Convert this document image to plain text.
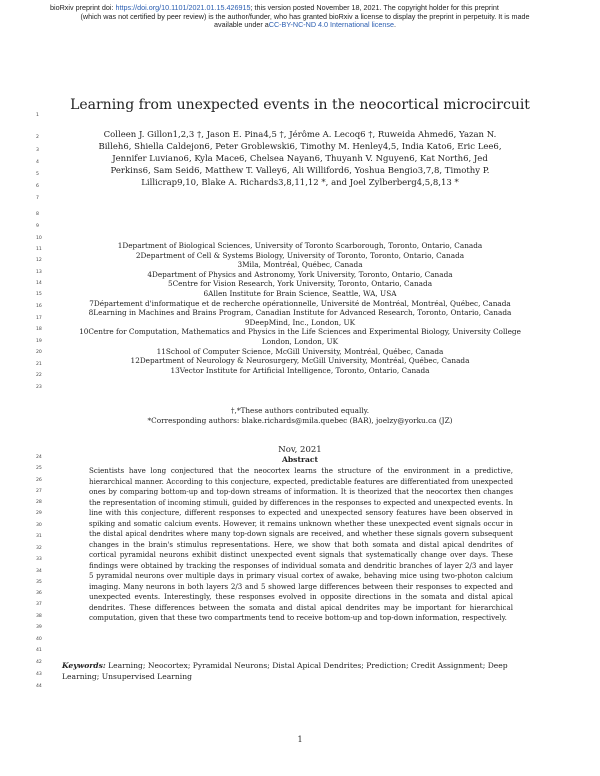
bioRxiv preprint doi: https://doi.org/10.1101/2021.01.15.426915; this version posted November 18, 2021. The copyright holder for this preprint
(which was not certified by peer review) is the author/funder, who has granted bioRxiv a license to display the preprint in perpetuity. It is made
available under aCC-BY-NC-ND 4.0 International license.
1
2
3
4
5
6
7
8
9
10
11
12
13
14
15
16
17
18
19
20
21
22
23
24
25
26
27
28
29
30
31
32
33
34
35
36
37
38
39
40
41
42
43
44
Learning from unexpected events in the neocortical microcircuit
Colleen J. Gillon1,2,3 †, Jason E. Pina4,5 †, Jérôme A. Lecoq6 †, Ruweida Ahmed6, Yazan N.
Billeh6, Shiella Caldejon6, Peter Groblewski6, Timothy M. Henley4,5, India Kato6, Eric Lee6,
Jennifer Luviano6, Kyla Mace6, Chelsea Nayan6, Thuyanh V. Nguyen6, Kat North6, Jed
Perkins6, Sam Seid6, Matthew T. Valley6, Ali Williford6, Yoshua Bengio3,7,8, Timothy P.
Lillicrap9,10, Blake A. Richards3,8,11,12 *, and Joel Zylberberg4,5,8,13 *
1Department of Biological Sciences, University of Toronto Scarborough, Toronto, Ontario, Canada
2Department of Cell & Systems Biology, University of Toronto, Toronto, Ontario, Canada
3Mila, Montréal, Québec, Canada
4Department of Physics and Astronomy, York University, Toronto, Ontario, Canada
5Centre for Vision Research, York University, Toronto, Ontario, Canada
6Allen Institute for Brain Science, Seattle, WA, USA
7Département d'informatique et de recherche opérationnelle, Université de Montréal, Montréal, Québec, Canada
8Learning in Machines and Brains Program, Canadian Institute for Advanced Research, Toronto, Ontario, Canada
9DeepMind, Inc., London, UK
10Centre for Computation, Mathematics and Physics in the Life Sciences and Experimental Biology, University College
London, London, UK
11School of Computer Science, McGill University, Montréal, Québec, Canada
12Department of Neurology & Neurosurgery, McGill University, Montréal, Québec, Canada
13Vector Institute for Artificial Intelligence, Toronto, Ontario, Canada
†,*These authors contributed equally.
*Corresponding authors: blake.richards@mila.quebec (BAR), joelzy@yorku.ca (JZ)
Nov, 2021
Abstract
Scientists have long conjectured that the neocortex learns the structure of the environment in a predictive, hierarchical manner. According to this conjecture, expected, predictable features are differentiated from unexpected ones by comparing bottom-up and top-down streams of information. It is theorized that the neocortex then changes the representation of incoming stimuli, guided by differences in the responses to expected and unexpected events. In line with this conjecture, different responses to expected and unexpected sensory features have been observed in spiking and somatic calcium events. However, it remains unknown whether these unexpected event signals occur in the distal apical dendrites where many top-down signals are received, and whether these signals govern subsequent changes in the brain's stimulus representations. Here, we show that both somata and distal apical dendrites of cortical pyramidal neurons exhibit distinct unexpected event signals that systematically change over days. These findings were obtained by tracking the responses of individual somata and dendritic branches of layer 2/3 and layer 5 pyramidal neurons over multiple days in primary visual cortex of awake, behaving mice using two-photon calcium imaging. Many neurons in both layers 2/3 and 5 showed large differences between their responses to expected and unexpected events. Interestingly, these responses evolved in opposite directions in the somata and distal apical dendrites. These differences between the somata and distal apical dendrites may be important for hierarchical computation, given that these two compartments tend to receive bottom-up and top-down information, respectively.
Keywords: Learning; Neocortex; Pyramidal Neurons; Distal Apical Dendrites; Prediction; Credit Assignment; Deep Learning; Unsupervised Learning
1
